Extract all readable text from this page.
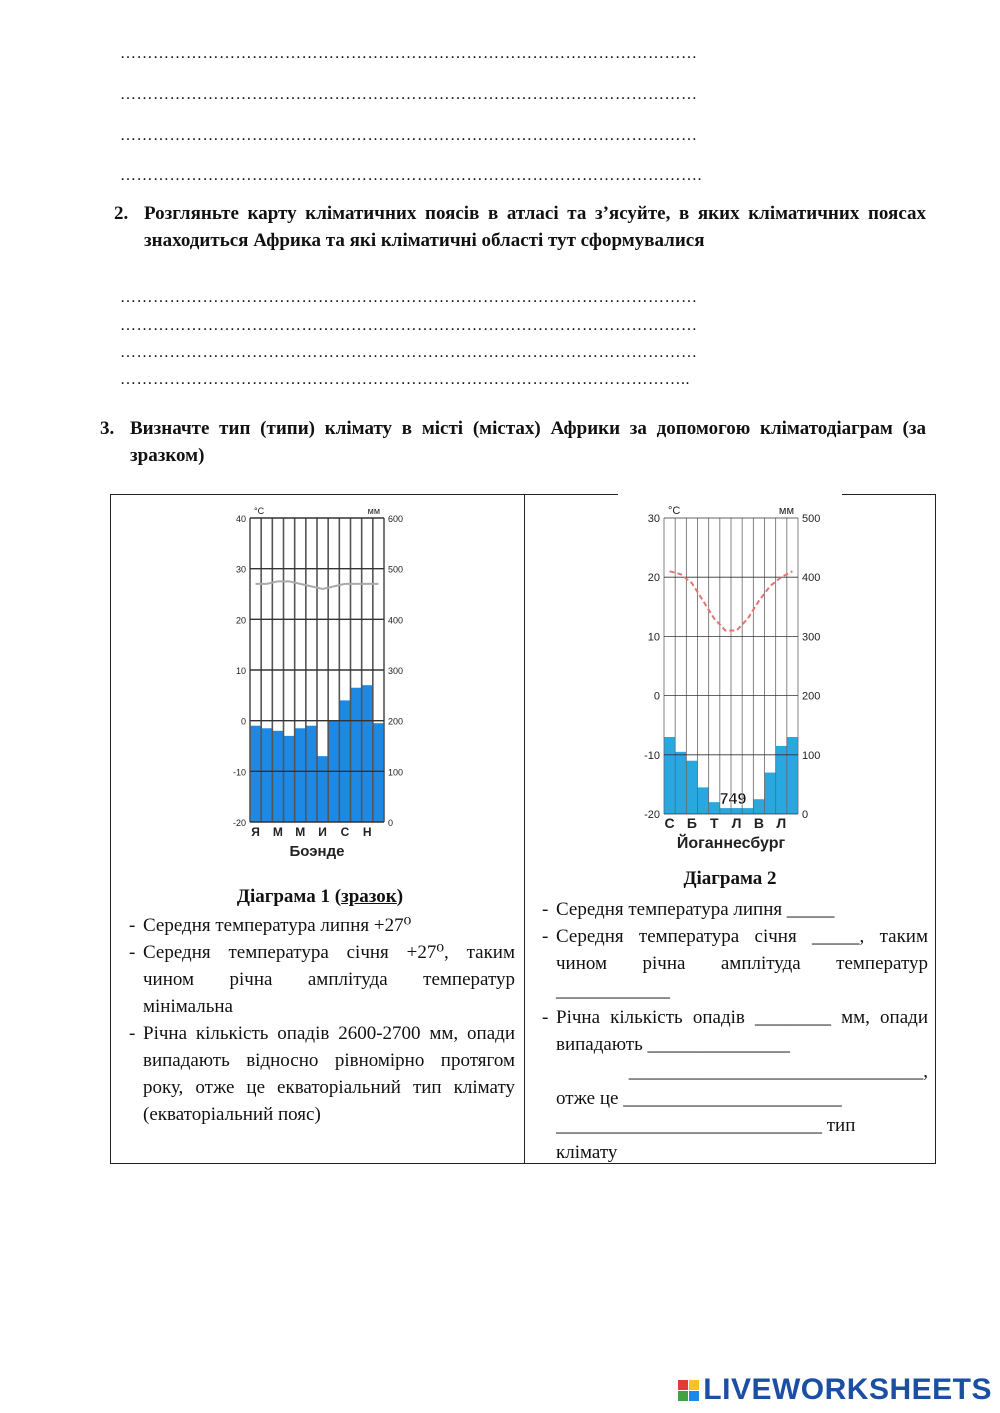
……………………………………………………………………………………………
……………………………………………………………………………………………
……………………………………………………………………………………………
…………………………………………………………………………………………….
2. Розгляньте карту кліматичних поясів в атласі та з’ясуйте, в яких кліматичних поясах знаходиться Африка та які кліматичні області тут сформувалися
……………………………………………………………………………………………
……………………………………………………………………………………………
……………………………………………………………………………………………
…………………………………………………………………………………………..
3. Визначте тип (типи) клімату в місті (містах) Африки за допомогою кліматодіаграм (за зразком)
40
30
20
10
0
-10
-20
600
500
400
300
200
100
0
°C	мм
Я М М И С Н
Боэнде
30
20
10
0
-10
-20
500
400
300
200
100
0
°C	мм
С Б Т Л В Л
Йоганнесбург
749
Діаграма 1 (зразок)
- Середня температура липня +27⁰
- Середня температура січня +27⁰, таким чином річна амплітуда температур мінімальна
- Річна кількість опадів 2600-2700 мм, опади випадають відносно рівномірно протягом року, отже це екваторіальний тип клімату (екваторіальний пояс)
Діаграма 2
- Середня температура липня _____
- Середня температура січня _____, таким чином річна амплітуда температур ____________
- Річна кількість опадів ________ мм, опади випадають _______________
_______________________________,
отже це _______________________
____________________________ тип
клімату
LIVEWORKSHEETS
